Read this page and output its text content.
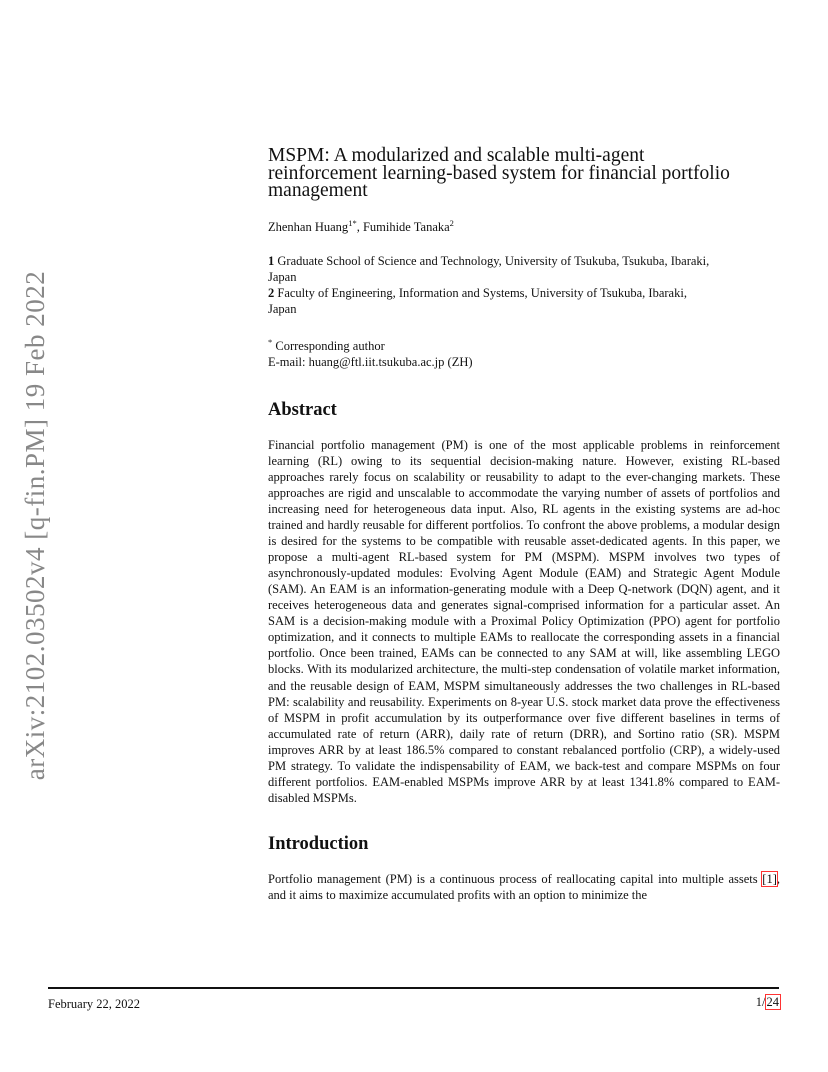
arXiv:2102.03502v4 [q-fin.PM] 19 Feb 2022
MSPM: A modularized and scalable multi-agent
reinforcement learning-based system for financial portfolio
management
Zhenhan Huang$^{1*}$, Fumihide Tanaka$^2$
1 Graduate School of Science and Technology, University of Tsukuba, Tsukuba, Ibaraki,
Japan
2 Faculty of Engineering, Information and Systems, University of Tsukuba, Ibaraki,
Japan
* Corresponding author
E-mail: huang@ftl.iit.tsukuba.ac.jp (ZH)
Abstract

Financial portfolio management (PM) is one of the most applicable problems in reinforcement learning (RL) owing to its sequential decision-making nature. However, existing RL-based approaches rarely focus on scalability or reusability to adapt to the ever-changing markets. These approaches are rigid and unscalable to accommodate the varying number of assets of portfolios and increasing need for heterogeneous data input. Also, RL agents in the existing systems are ad-hoc trained and hardly reusable for different portfolios. To confront the above problems, a modular design is desired for the systems to be compatible with reusable asset-dedicated agents. In this paper, we propose a multi-agent RL-based system for PM (MSPM). MSPM involves two types of asynchronously-updated modules: Evolving Agent Module (EAM) and Strategic Agent Module (SAM). An EAM is an information-generating module with a Deep Q-network (DQN) agent, and it receives heterogeneous data and generates signal-comprised information for a particular asset. An SAM is a decision-making module with a Proximal Policy Optimization (PPO) agent for portfolio optimization, and it connects to multiple EAMs to reallocate the corresponding assets in a financial portfolio. Once been trained, EAMs can be connected to any SAM at will, like assembling LEGO blocks. With its modularized architecture, the multi-step condensation of volatile market information, and the reusable design of EAM, MSPM simultaneously addresses the two challenges in RL-based PM: scalability and reusability. Experiments on 8-year U.S. stock market data prove the effectiveness of MSPM in profit accumulation by its outperformance over five different baselines in terms of accumulated rate of return (ARR), daily rate of return (DRR), and Sortino ratio (SR). MSPM improves ARR by at least 186.5% compared to constant rebalanced portfolio (CRP), a widely-used PM strategy. To validate the indispensability of EAM, we back-test and compare MSPMs on four different portfolios. EAM-enabled MSPMs improve ARR by at least 1341.8% compared to EAM-disabled MSPMs.

Introduction

Portfolio management (PM) is a continuous process of reallocating capital into multiple assets [1], and it aims to maximize accumulated profits with an option to minimize the

February 22, 2022	1/24
